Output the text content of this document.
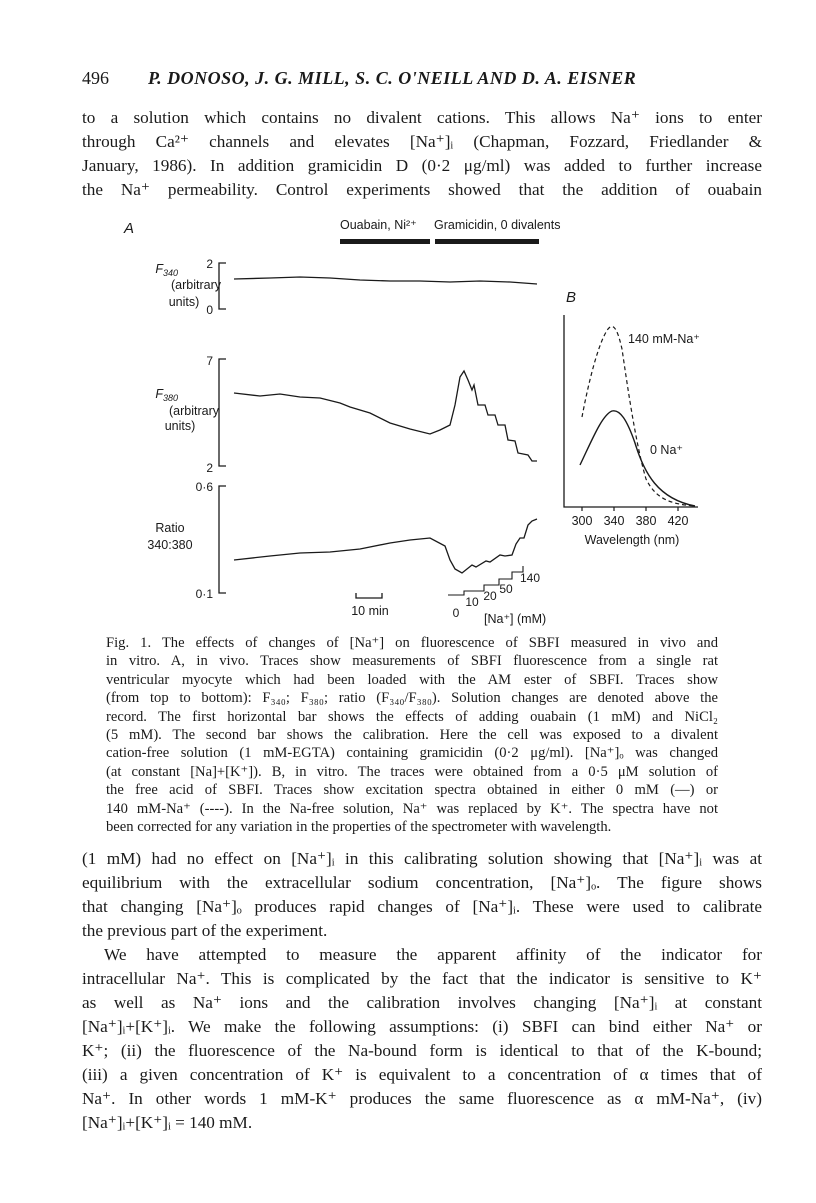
496 P. DONOSO, J. G. MILL, S. C. O'NEILL AND D. A. EISNER
to a solution which contains no divalent cations. This allows Na⁺ ions to enter
through Ca²⁺ channels and elevates [Na⁺]ᵢ (Chapman, Fozzard, Friedlander &
January, 1986). In addition gramicidin D (0·2 μg/ml) was added to further increase
the Na⁺ permeability. Control experiments showed that the addition of ouabain
A	Ouabain, Ni²⁺ Gramicidin, 0 divalents
$F_{340}$
(arbitrary
units)
2
0
7
$F_{380}$
(arbitrary
units)
2
0·6
Ratio
340:380
0·1
10 min	0
10 20 50
140
[Na⁺] (mM)
B
140 mM-Na⁺
0 Na⁺
300 340 380 420
Wavelength (nm)
Fig. 1. The effects of changes of [Na⁺] on fluorescence of SBFI measured in vivo and
in vitro. A, in vivo. Traces show measurements of SBFI fluorescence from a single rat
ventricular myocyte which had been loaded with the AM ester of SBFI. Traces show
(from top to bottom): F₃₄₀; F₃₈₀; ratio (F₃₄₀/F₃₈₀). Solution changes are denoted above the
record. The first horizontal bar shows the effects of adding ouabain (1 mM) and NiCl₂
(5 mM). The second bar shows the calibration. Here the cell was exposed to a divalent
cation-free solution (1 mM-EGTA) containing gramicidin (0·2 μg/ml). [Na⁺]ₒ was changed
(at constant [Na]+[K⁺]). B, in vitro. The traces were obtained from a 0·5 μM solution of
the free acid of SBFI. Traces show excitation spectra obtained in either 0 mM (—) or
140 mM-Na⁺ (----). In the Na-free solution, Na⁺ was replaced by K⁺. The spectra have not
been corrected for any variation in the properties of the spectrometer with wavelength.
(1 mM) had no effect on [Na⁺]ᵢ in this calibrating solution showing that [Na⁺]ᵢ was at
equilibrium with the extracellular sodium concentration, [Na⁺]ₒ. The figure shows
that changing [Na⁺]ₒ produces rapid changes of [Na⁺]ᵢ. These were used to calibrate
the previous part of the experiment.
We have attempted to measure the apparent affinity of the indicator for
intracellular Na⁺. This is complicated by the fact that the indicator is sensitive to K⁺
as well as Na⁺ ions and the calibration involves changing [Na⁺]ᵢ at constant
[Na⁺]ᵢ+[K⁺]ᵢ. We make the following assumptions: (i) SBFI can bind either Na⁺ or
K⁺; (ii) the fluorescence of the Na-bound form is identical to that of the K-bound;
(iii) a given concentration of K⁺ is equivalent to a concentration of α times that of
Na⁺. In other words 1 mM-K⁺ produces the same fluorescence as α mM-Na⁺, (iv)
[Na⁺]ᵢ+[K⁺]ᵢ = 140 mM.
